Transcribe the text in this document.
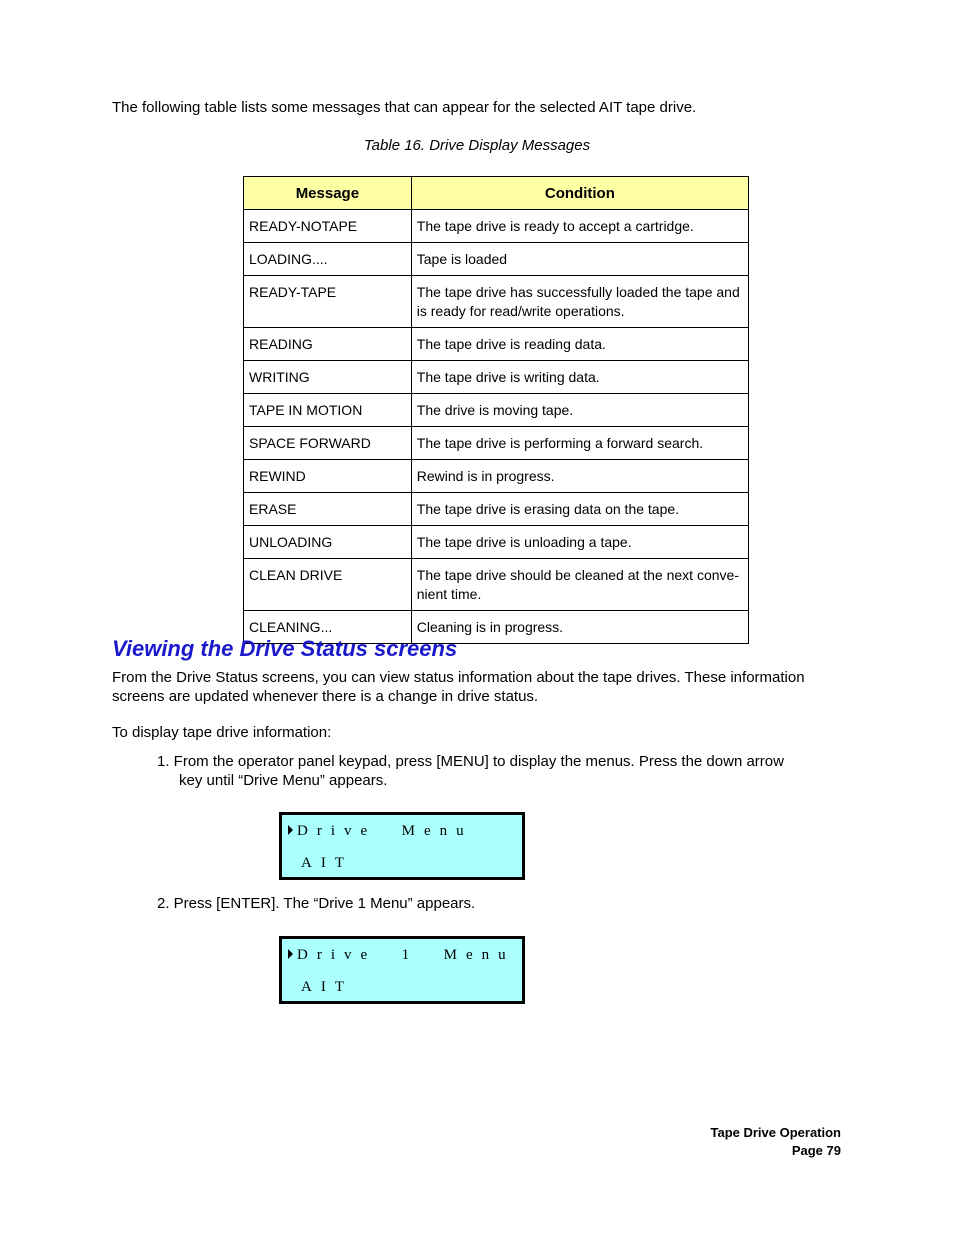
The following table lists some messages that can appear for the selected AIT tape drive.
Table 16. Drive Display Messages
Message	Condition
READY-NOTAPE	The tape drive is ready to accept a cartridge.
LOADING....	Tape is loaded
READY-TAPE	The tape drive has successfully loaded the tape and is ready for read/write operations.
READING	The tape drive is reading data.
WRITING	The tape drive is writing data.
TAPE IN MOTION	The drive is moving tape.
SPACE FORWARD	The tape drive is performing a forward search.
REWIND	Rewind is in progress.
ERASE	The tape drive is erasing data on the tape.
UNLOADING	The tape drive is unloading a tape.
CLEAN DRIVE	The tape drive should be cleaned at the next conve-nient time.
CLEANING...	Cleaning is in progress.
Viewing the Drive Status screens
From the Drive Status screens, you can view status information about the tape drives. These information screens are updated whenever there is a change in drive status.
To display tape drive information:
1. From the operator panel keypad, press [MENU] to display the menus. Press the down arrow
key until “Drive Menu” appears.
Drive  Menu
AIT
2. Press [ENTER]. The “Drive 1 Menu” appears.
Drive  1  Menu
AIT
Tape Drive Operation
Page 79
